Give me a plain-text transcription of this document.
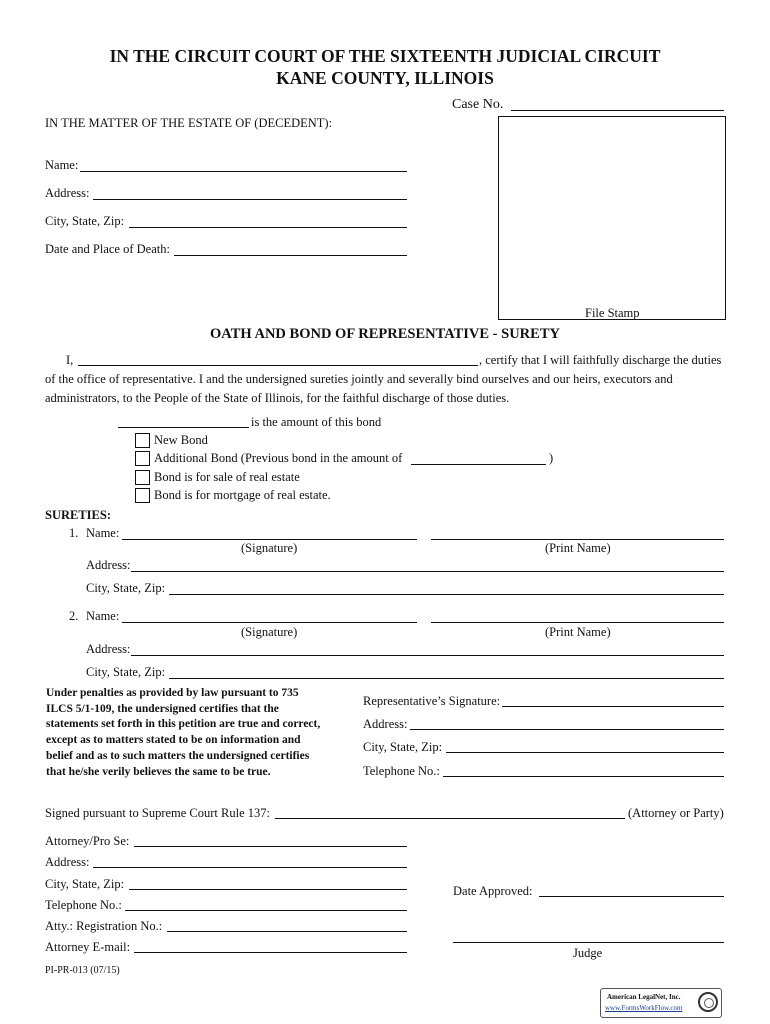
IN THE CIRCUIT COURT OF THE SIXTEENTH JUDICIAL CIRCUIT
KANE COUNTY, ILLINOIS
Case No.
IN THE MATTER OF THE ESTATE OF (DECEDENT):
Name:
Address:
City, State, Zip:
Date and Place of Death:
File Stamp
OATH AND BOND OF REPRESENTATIVE - SURETY
I,	, certify that I will faithfully discharge the duties
of the office of representative. I and the undersigned sureties jointly and severally bind ourselves and our heirs, executors and
administrators, to the People of the State of Illinois, for the faithful discharge of those duties.
is the amount of this bond
New Bond
Additional Bond (Previous bond in the amount of	)
Bond is for sale of real estate
Bond is for mortgage of real estate.
SURETIES:
1. Name:
(Signature)	(Print Name)
Address:
City, State, Zip:
2. Name:
(Signature)	(Print Name)
Address:
City, State, Zip:
Under penalties as provided by law pursuant to 735 ILCS 5/1-109, the undersigned certifies that the statements set forth in this petition are true and correct, except as to matters stated to be on information and belief and as to such matters the undersigned certifies that he/she verily believes the same to be true.
Representative’s Signature:
Address:
City, State, Zip:
Telephone No.:
Signed pursuant to Supreme Court Rule 137:	(Attorney or Party)
Attorney/Pro Se:
Address:
City, State, Zip:
Telephone No.:
Atty.: Registration No.:
Attorney E-mail:
Date Approved:
Judge
PI-PR-013 (07/15)
American LegalNet, Inc.
www.FormsWorkFlow.com
